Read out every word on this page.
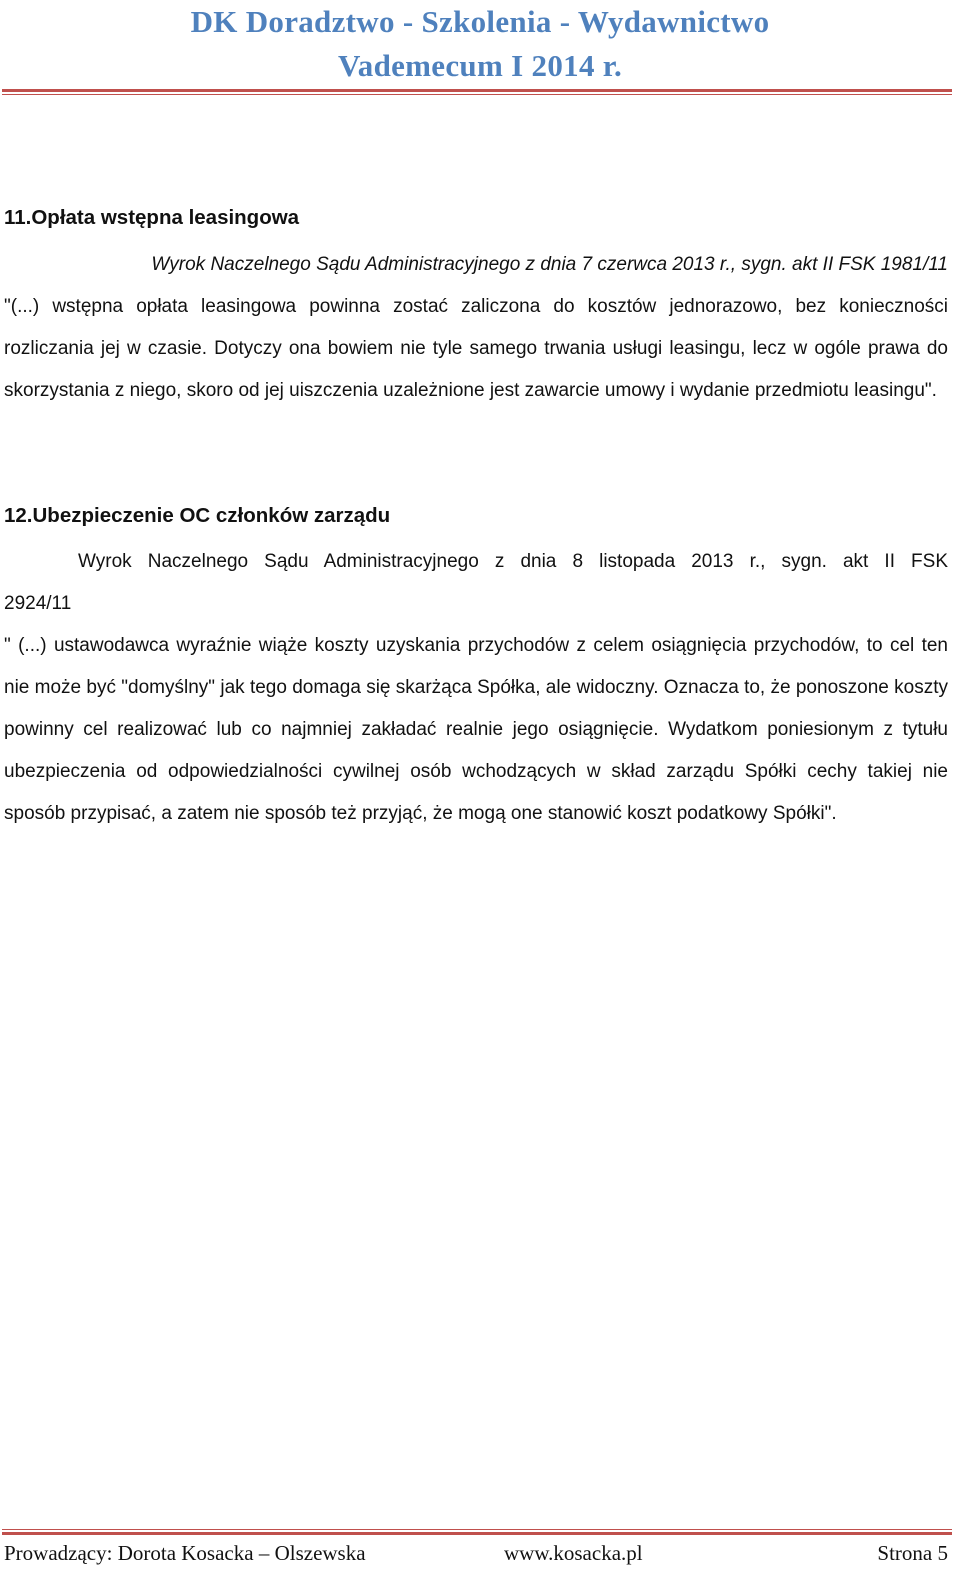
DK Doradztwo - Szkolenia - Wydawnictwo
Vademecum I 2014 r.
11.Opłata wstępna leasingowa
Wyrok Naczelnego Sądu Administracyjnego z dnia 7 czerwca 2013 r., sygn. akt II FSK 1981/11
"(...) wstępna opłata leasingowa powinna zostać zaliczona do kosztów jednorazowo, bez konieczności rozliczania jej w czasie. Dotyczy ona bowiem nie tyle samego trwania usługi leasingu, lecz w ogóle prawa do skorzystania z niego, skoro od jej uiszczenia uzależnione jest zawarcie umowy i wydanie przedmiotu leasingu".
12.Ubezpieczenie OC członków zarządu
Wyrok Naczelnego Sądu Administracyjnego z dnia 8 listopada 2013 r., sygn. akt II FSK
2924/11
" (...) ustawodawca wyraźnie wiąże koszty uzyskania przychodów z celem osiągnięcia przychodów, to cel ten nie może być "domyślny" jak tego domaga się skarżąca Spółka, ale widoczny. Oznacza to, że ponoszone koszty powinny cel realizować lub co najmniej zakładać realnie jego osiągnięcie. Wydatkom poniesionym z tytułu ubezpieczenia od odpowiedzialności cywilnej osób wchodzących w skład zarządu Spółki cechy takiej nie sposób przypisać, a zatem nie sposób też przyjąć, że mogą one stanowić koszt podatkowy Spółki".
Prowadzący: Dorota Kosacka – Olszewska	www.kosacka.pl	Strona 5
